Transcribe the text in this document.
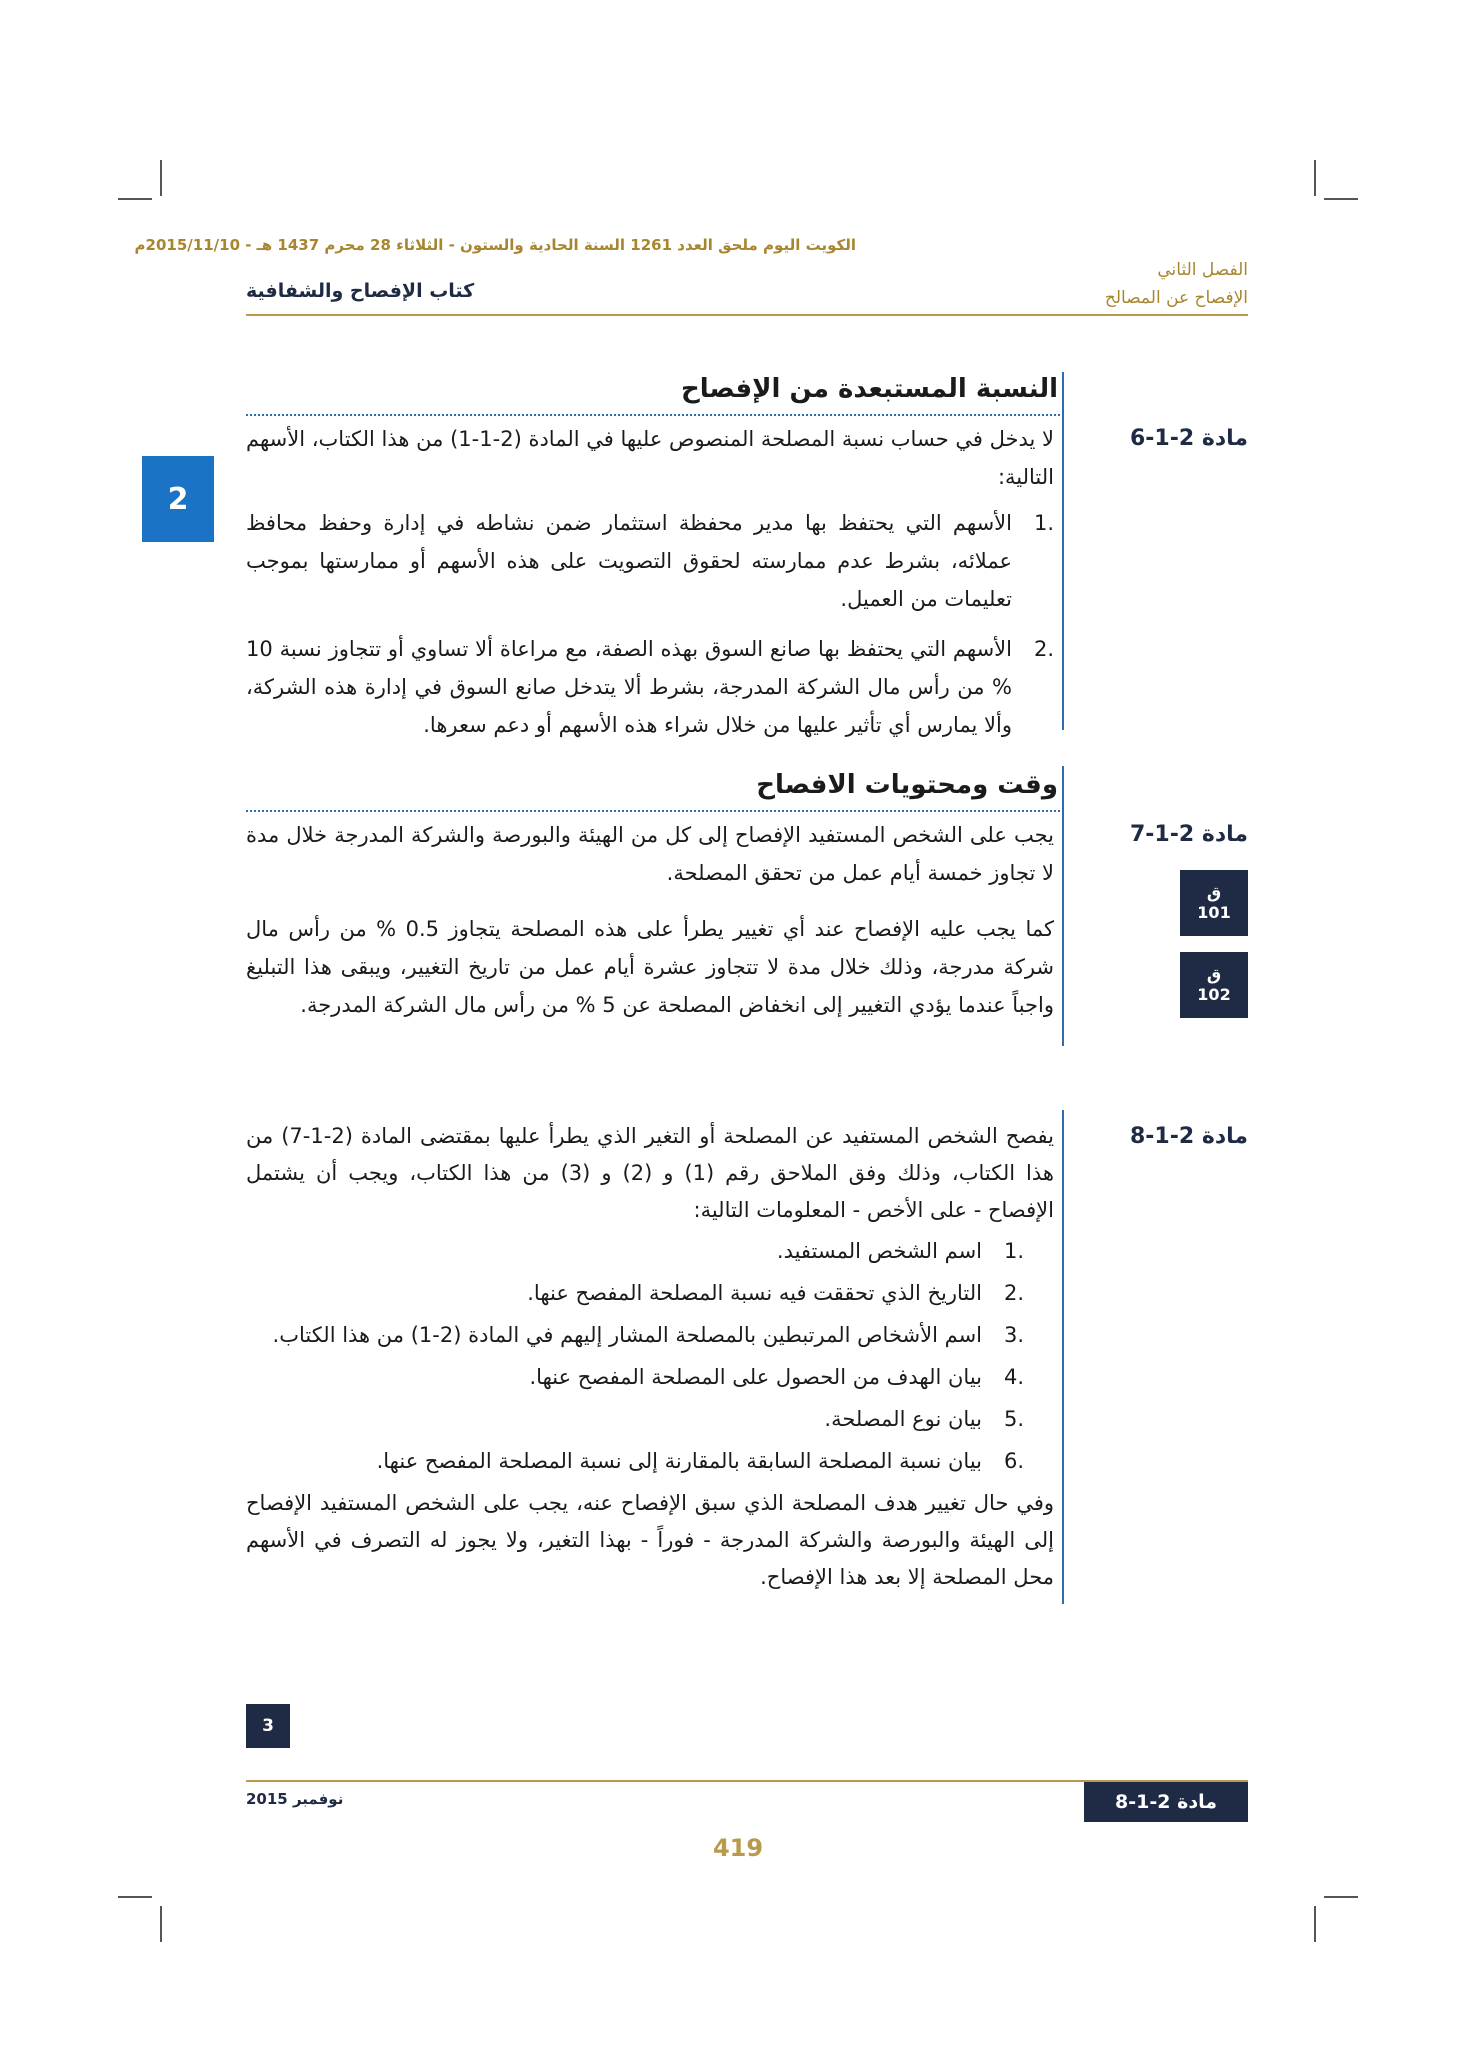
الكويت اليوم ملحق العدد 1261 السنة الحادية والستون - الثلاثاء 28 محرم 1437 هـ - 2015/11/10م
الفصل الثاني
الإفصاح عن المصالح
كتاب الإفصاح والشفافية
2
النسبة المستبعدة من الإفصاح
مادة 2-1-6

لا يدخل في حساب نسبة المصلحة المنصوص عليها في المادة (2-1-1) من هذا الكتاب، الأسهم التالية:

.1
الأسهم التي يحتفظ بها مدير محفظة استثمار ضمن نشاطه في إدارة وحفظ محافظ عملائه، بشرط عدم ممارسته لحقوق التصويت على هذه الأسهم أو ممارستها بموجب تعليمات من العميل.
.2
الأسهم التي يحتفظ بها صانع السوق بهذه الصفة، مع مراعاة ألا تساوي أو تتجاوز نسبة 10 % من رأس مال الشركة المدرجة، بشرط ألا يتدخل صانع السوق في إدارة هذه الشركة، وألا يمارس أي تأثير عليها من خلال شراء هذه الأسهم أو دعم سعرها.
وقت ومحتويات الافصاح
مادة 2-1-7

يجب على الشخص المستفيد الإفصاح إلى كل من الهيئة والبورصة والشركة المدرجة خلال مدة لا تجاوز خمسة أيام عمل من تحقق المصلحة.

كما يجب عليه الإفصاح عند أي تغيير يطرأ على هذه المصلحة يتجاوز 0.5 % من رأس مال شركة مدرجة، وذلك خلال مدة لا تتجاوز عشرة أيام عمل من تاريخ التغيير، ويبقى هذا التبليغ واجباً عندما يؤدي التغيير إلى انخفاض المصلحة عن 5 % من رأس مال الشركة المدرجة.

ق
101
ق
102
مادة 2-1-8

يفصح الشخص المستفيد عن المصلحة أو التغير الذي يطرأ عليها بمقتضى المادة (2-1-7) من هذا الكتاب، وذلك وفق الملاحق رقم (1) و (2) و (3) من هذا الكتاب، ويجب أن يشتمل الإفصاح - على الأخص - المعلومات التالية:

.1
اسم الشخص المستفيد.
.2
التاريخ الذي تحققت فيه نسبة المصلحة المفصح عنها.
.3
اسم الأشخاص المرتبطين بالمصلحة المشار إليهم في المادة (2-1) من هذا الكتاب.
.4
بيان الهدف من الحصول على المصلحة المفصح عنها.
.5
بيان نوع المصلحة.
.6
بيان نسبة المصلحة السابقة بالمقارنة إلى نسبة المصلحة المفصح عنها.

وفي حال تغيير هدف المصلحة الذي سبق الإفصاح عنه، يجب على الشخص المستفيد الإفصاح إلى الهيئة والبورصة والشركة المدرجة - فوراً - بهذا التغير، ولا يجوز له التصرف في الأسهم محل المصلحة إلا بعد هذا الإفصاح.

3
نوفمبر 2015	مادة 2-1-8
419
